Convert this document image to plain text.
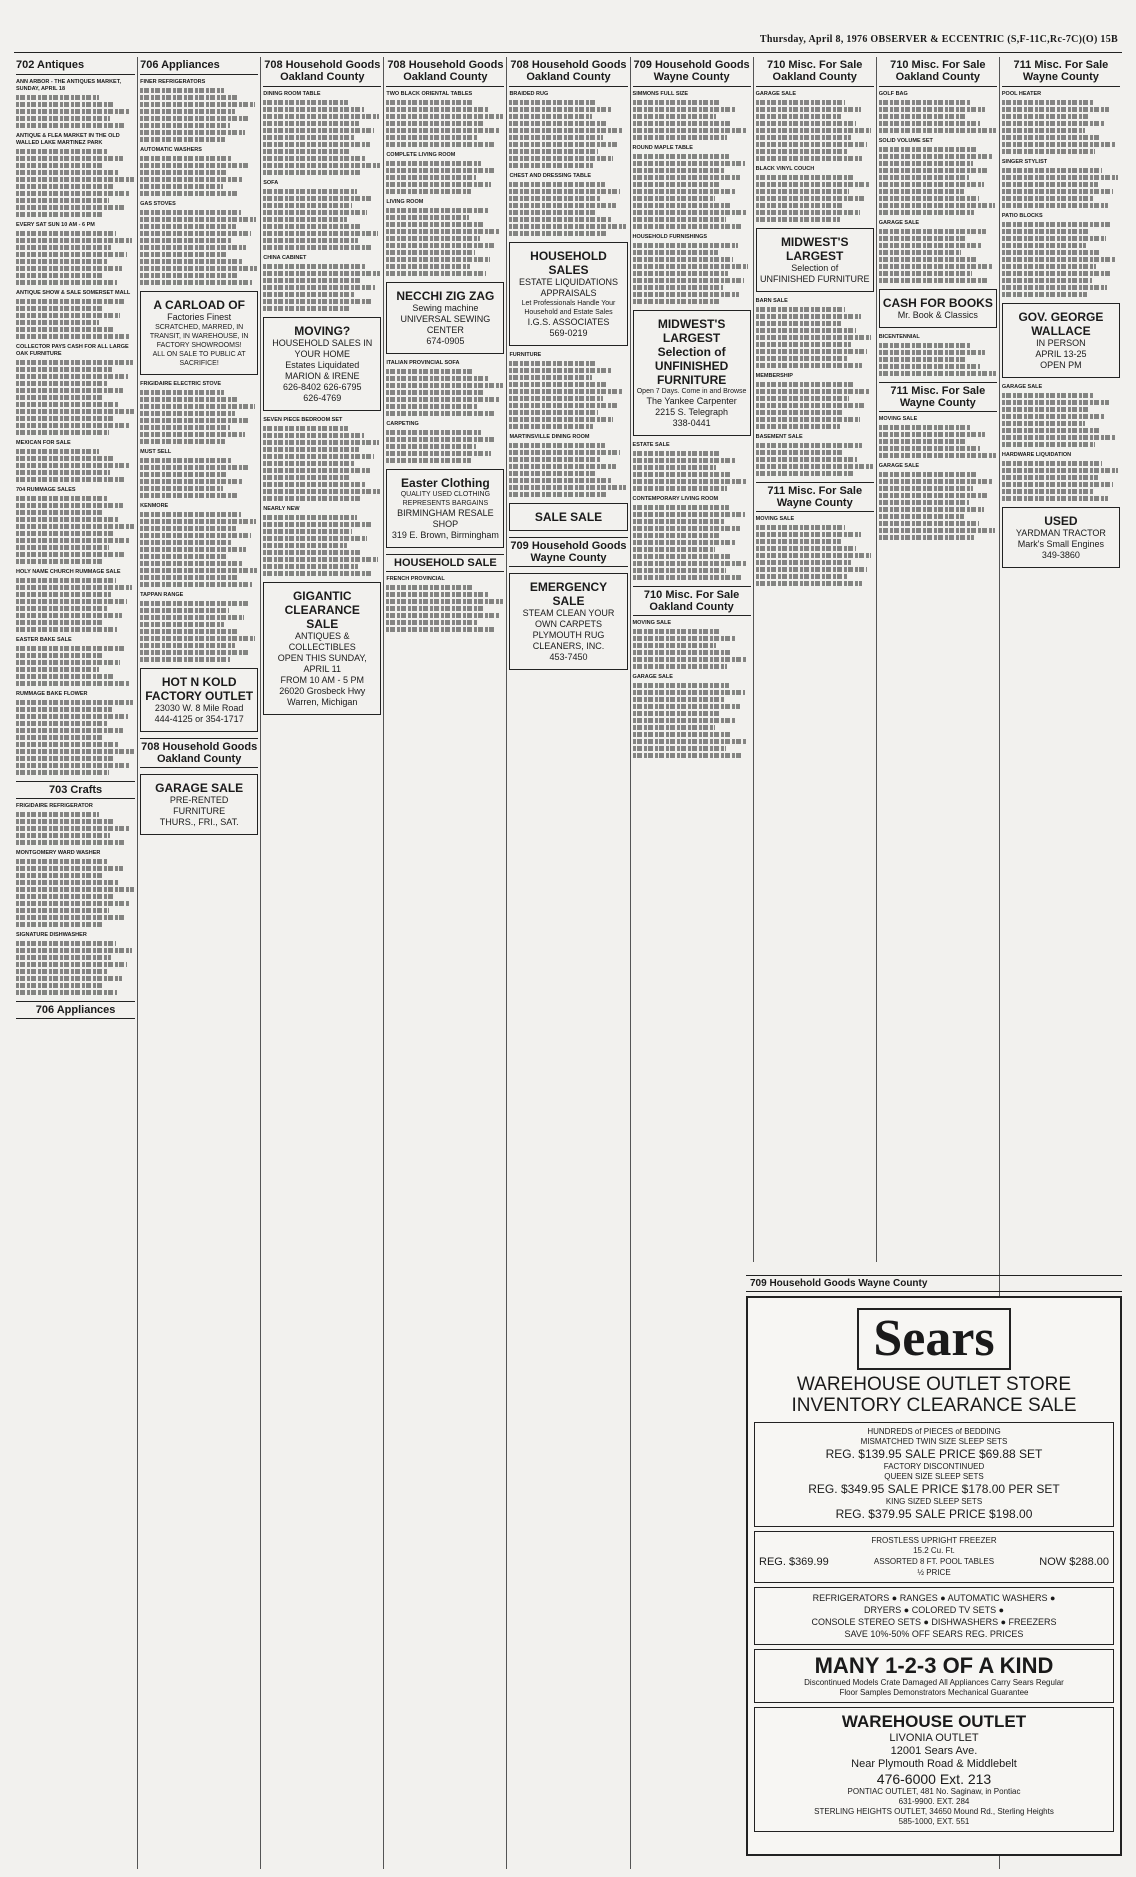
Thursday, April 8, 1976 OBSERVER & ECCENTRIC (S,F-11C,Rc-7C)(O) 15B
702 Antiques
ANN ARBOR - THE ANTIQUES MARKET, SUNDAY, APRIL 18
ANTIQUE & FLEA MARKET IN THE OLD WALLED LAKE MARTINEZ PARK
EVERY SAT SUN 10 AM - 6 PM
ANTIQUE SHOW & SALE SOMERSET MALL
COLLECTOR PAYS CASH FOR ALL LARGE OAK FURNITURE
MEXICAN FOR SALE
704 RUMMAGE SALES
HOLY NAME CHURCH RUMMAGE SALE
EASTER BAKE SALE
RUMMAGE BAKE FLOWER
703 Crafts
FRIGIDAIRE REFRIGERATOR
MONTGOMERY WARD WASHER
SIGNATURE DISHWASHER
706 Appliances
706 Appliances
FINER REFRIGERATORS
AUTOMATIC WASHERS
GAS STOVES
A CARLOAD OF
Factories Finest
SCRATCHED, MARRED, IN TRANSIT, IN WAREHOUSE, IN FACTORY SHOWROOMS!
ALL ON SALE TO PUBLIC AT SACRIFICE!
FRIGIDAIRE ELECTRIC STOVE
MUST SELL
KENMORE
TAPPAN RANGE
HOT N KOLD FACTORY OUTLET
23030 W. 8 Mile Road
444-4125 or 354-1717
708 Household Goods Oakland County
GARAGE SALE
PRE-RENTED FURNITURE
THURS., FRI., SAT.
708 Household Goods Oakland County
DINING ROOM TABLE
SOFA
CHINA CABINET
MOVING?
HOUSEHOLD SALES IN YOUR HOME
Estates Liquidated
MARION & IRENE
626-8402 626-6795
626-4769
SEVEN PIECE BEDROOM SET
NEARLY NEW
GIGANTIC CLEARANCE SALE
ANTIQUES & COLLECTIBLES
OPEN THIS SUNDAY, APRIL 11
FROM 10 AM - 5 PM
26020 Grosbeck Hwy
Warren, Michigan
708 Household Goods Oakland County
TWO BLACK ORIENTAL TABLES
COMPLETE LIVING ROOM
LIVING ROOM
NECCHI ZIG ZAG
Sewing machine
UNIVERSAL SEWING CENTER
674-0905
ITALIAN PROVINCIAL SOFA
CARPETING
Easter Clothing
QUALITY USED CLOTHING REPRESENTS BARGAINS
BIRMINGHAM RESALE SHOP
319 E. Brown, Birmingham
HOUSEHOLD SALE
FRENCH PROVINCIAL
708 Household Goods Oakland County
BRAIDED RUG
CHEST AND DRESSING TABLE
HOUSEHOLD SALES
ESTATE LIQUIDATIONS
APPRAISALS
Let Professionals Handle Your Household and Estate Sales
I.G.S. ASSOCIATES
569-0219
FURNITURE
MARTINSVILLE DINING ROOM
SALE SALE
709 Household Goods Wayne County
EMERGENCY SALE
STEAM CLEAN YOUR OWN CARPETS
PLYMOUTH RUG CLEANERS, INC.
453-7450
709 Household Goods Wayne County
SIMMONS FULL SIZE
ROUND MAPLE TABLE
HOUSEHOLD FURNISHINGS
MIDWEST'S LARGEST Selection of UNFINISHED FURNITURE
Open 7 Days. Come in and Browse
The Yankee Carpenter
2215 S. Telegraph
338-0441
ESTATE SALE
CONTEMPORARY LIVING ROOM
710 Misc. For Sale Oakland County
MOVING SALE
GARAGE SALE
710 Misc. For Sale Oakland County
GARAGE SALE
BLACK VINYL COUCH
MIDWEST'S LARGEST
Selection of
UNFINISHED FURNITURE
BARN SALE
MEMBERSHIP
BASEMENT SALE
711 Misc. For Sale Wayne County
MOVING SALE
710 Misc. For Sale Oakland County
GOLF BAG
SOLID VOLUME SET
GARAGE SALE
CASH FOR BOOKS
Mr. Book & Classics
BICENTENNIAL
711 Misc. For Sale Wayne County
MOVING SALE
GARAGE SALE
711 Misc. For Sale Wayne County
POOL HEATER
SINGER STYLIST
PATIO BLOCKS
GOV. GEORGE WALLACE
IN PERSON
APRIL 13-25
OPEN PM
GARAGE SALE
HARDWARE LIQUIDATION
USED
YARDMAN TRACTOR
Mark's Small Engines
349-3860
709 Household Goods Wayne County
Sears
WAREHOUSE OUTLET STORE
INVENTORY CLEARANCE SALE
HUNDREDS of PIECES of BEDDING
MISMATCHED TWIN SIZE SLEEP SETS
REG. $139.95 SALE PRICE $69.88 SET
FACTORY DISCONTINUED
QUEEN SIZE SLEEP SETS
REG. $349.95 SALE PRICE $178.00 PER SET
KING SIZED SLEEP SETS
REG. $379.95 SALE PRICE $198.00
FROSTLESS UPRIGHT FREEZER
15.2 Cu. Ft.
REG. $369.99	ASSORTED 8 FT. POOL TABLES	NOW $288.00
½ PRICE
REFRIGERATORS ● RANGES ● AUTOMATIC WASHERS ●
DRYERS ● COLORED TV SETS ●
CONSOLE STEREO SETS ● DISHWASHERS ● FREEZERS
SAVE 10%-50% OFF SEARS REG. PRICES
MANY 1-2-3 OF A KIND
Discontinued Models Crate Damaged All Appliances Carry Sears Regular
Floor Samples Demonstrators Mechanical Guarantee
WAREHOUSE OUTLET
LIVONIA OUTLET
12001 Sears Ave.
Near Plymouth Road & Middlebelt
476-6000 Ext. 213
PONTIAC OUTLET, 481 No. Saginaw, in Pontiac
631-9900. EXT. 284
STERLING HEIGHTS OUTLET, 34650 Mound Rd., Sterling Heights
585-1000, EXT. 551
